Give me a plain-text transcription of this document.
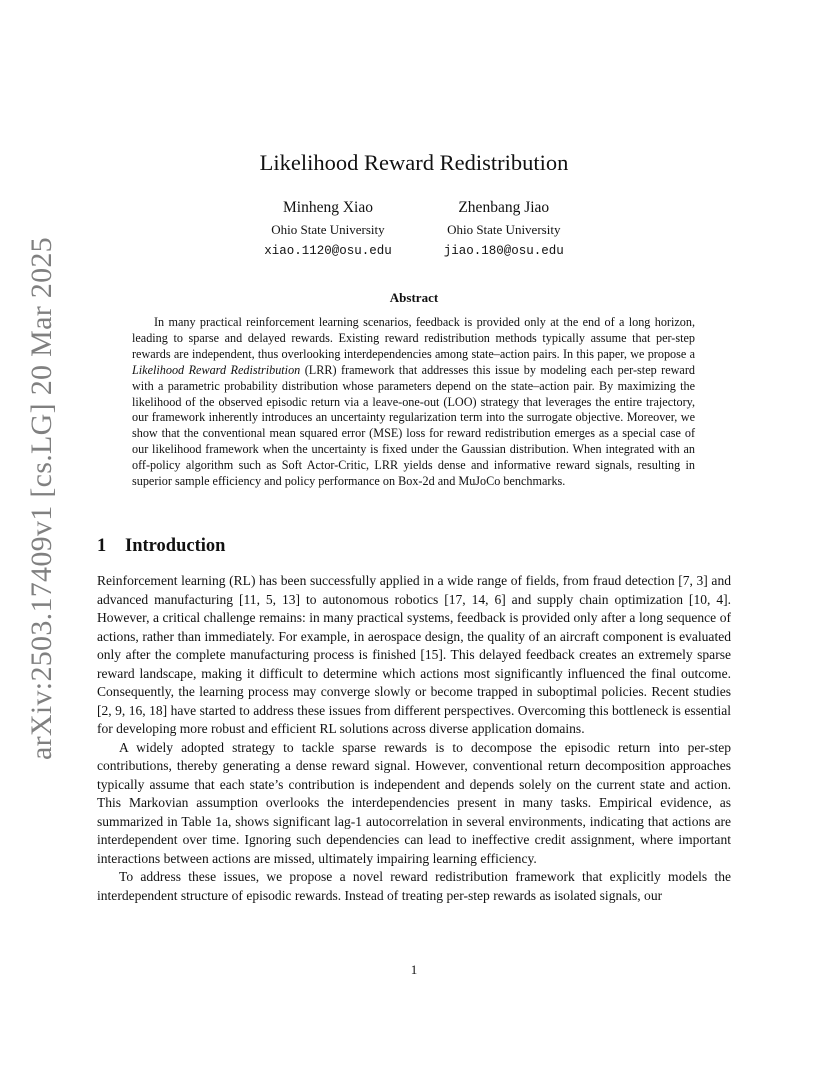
arXiv:2503.17409v1 [cs.LG] 20 Mar 2025
Likelihood Reward Redistribution
Minheng Xiao
Ohio State University
xiao.1120@osu.edu
Zhenbang Jiao
Ohio State University
jiao.180@osu.edu
Abstract

In many practical reinforcement learning scenarios, feedback is provided only at the end of a long horizon, leading to sparse and delayed rewards. Existing reward redistribution methods typically assume that per-step rewards are independent, thus overlooking interdependencies among state–action pairs. In this paper, we propose a Likelihood Reward Redistribution (LRR) framework that addresses this issue by modeling each per-step reward with a parametric probability distribution whose parameters depend on the state–action pair. By maximizing the likelihood of the observed episodic return via a leave-one-out (LOO) strategy that leverages the entire trajectory, our framework inherently introduces an uncertainty regularization term into the surrogate objective. Moreover, we show that the conventional mean squared error (MSE) loss for reward redistribution emerges as a special case of our likelihood framework when the uncertainty is fixed under the Gaussian distribution. When integrated with an off-policy algorithm such as Soft Actor-Critic, LRR yields dense and informative reward signals, resulting in superior sample efficiency and policy performance on Box-2d and MuJoCo benchmarks.

1 Introduction

Reinforcement learning (RL) has been successfully applied in a wide range of fields, from fraud detection [7, 3] and advanced manufacturing [11, 5, 13] to autonomous robotics [17, 14, 6] and supply chain optimization [10, 4]. However, a critical challenge remains: in many practical systems, feedback is provided only after a long sequence of actions, rather than immediately. For example, in aerospace design, the quality of an aircraft component is evaluated only after the complete manufacturing process is finished [15]. This delayed feedback creates an extremely sparse reward landscape, making it difficult to determine which actions most significantly influenced the final outcome. Consequently, the learning process may converge slowly or become trapped in suboptimal policies. Recent studies [2, 9, 16, 18] have started to address these issues from different perspectives. Overcoming this bottleneck is essential for developing more robust and efficient RL solutions across diverse application domains.

A widely adopted strategy to tackle sparse rewards is to decompose the episodic return into per-step contributions, thereby generating a dense reward signal. However, conventional return decomposition approaches typically assume that each state’s contribution is independent and depends solely on the current state and action. This Markovian assumption overlooks the interdependencies present in many tasks. Empirical evidence, as summarized in Table 1a, shows significant lag-1 autocorrelation in several environments, indicating that actions are interdependent over time. Ignoring such dependencies can lead to ineffective credit assignment, where important interactions between actions are missed, ultimately impairing learning efficiency.

To address these issues, we propose a novel reward redistribution framework that explicitly models the interdependent structure of episodic rewards. Instead of treating per-step rewards as isolated signals, our

1
